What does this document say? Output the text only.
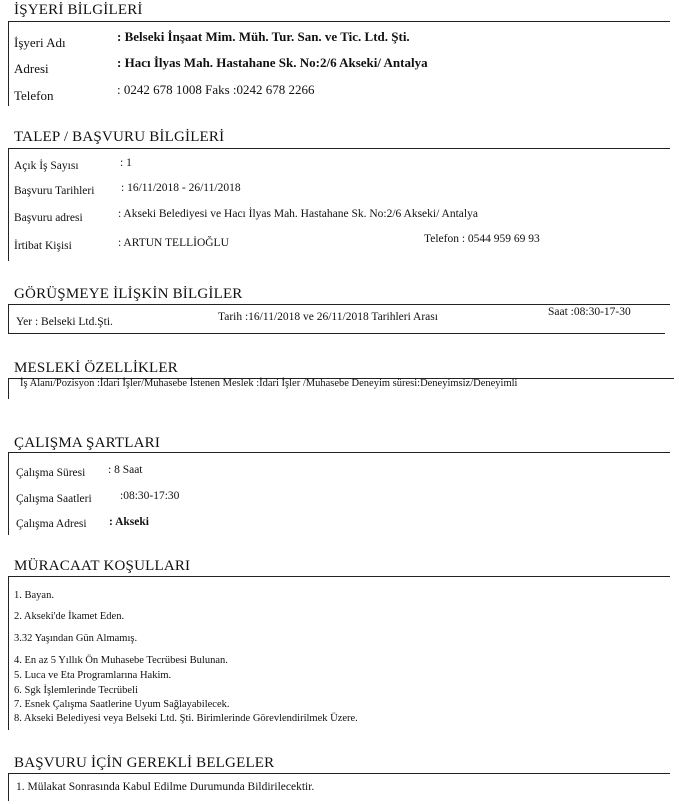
İŞYERİ BİLGİLERİ
İşyeri Adı	: Belseki İnşaat Mim. Müh. Tur. San. ve Tic. Ltd. Şti.
Adresi	: Hacı İlyas Mah. Hastahane Sk. No:2/6 Akseki/ Antalya
Telefon	: 0242 678 1008 Faks :0242 678 2266
TALEP / BAŞVURU BİLGİLERİ
Açık İş Sayısı	: 1
Başvuru Tarihleri : 16/11/2018 - 26/11/2018
Başvuru adresi	: Akseki Belediyesi ve Hacı İlyas Mah. Hastahane Sk. No:2/6 Akseki/ Antalya
İrtibat Kişisi	: ARTUN TELLİOĞLU	Telefon : 0544 959 69 93
GÖRÜŞMEYE İLİŞKİN BİLGİLER
Yer : Belseki Ltd.Şti.	Tarih :16/11/2018 ve 26/11/2018 Tarihleri Arası	Saat :08:30-17-30
MESLEKİ ÖZELLİKLER
İş Alanı/Pozisyon :İdari İşler/Muhasebe İstenen Meslek :İdari İşler /Muhasebe Deneyim süresi:Deneyimsiz/Deneyimli
ÇALIŞMA ŞARTLARI
Çalışma Süresi : 8 Saat
Çalışma Saatleri :08:30-17:30
Çalışma Adresi : Akseki
MÜRACAAT KOŞULLARI
1. Bayan.
2. Akseki'de İkamet Eden.
3.32 Yaşından Gün Almamış.
4. En az 5 Yıllık Ön Muhasebe Tecrübesi Bulunan.
5. Luca ve Eta Programlarına Hakim.
6. Sgk İşlemlerinde Tecrübeli
7. Esnek Çalışma Saatlerine Uyum Sağlayabilecek.
8. Akseki Belediyesi veya Belseki Ltd. Şti. Birimlerinde Görevlendirilmek Üzere.
BAŞVURU İÇİN GEREKLİ BELGELER
1. Mülakat Sonrasında Kabul Edilme Durumunda Bildirilecektir.
